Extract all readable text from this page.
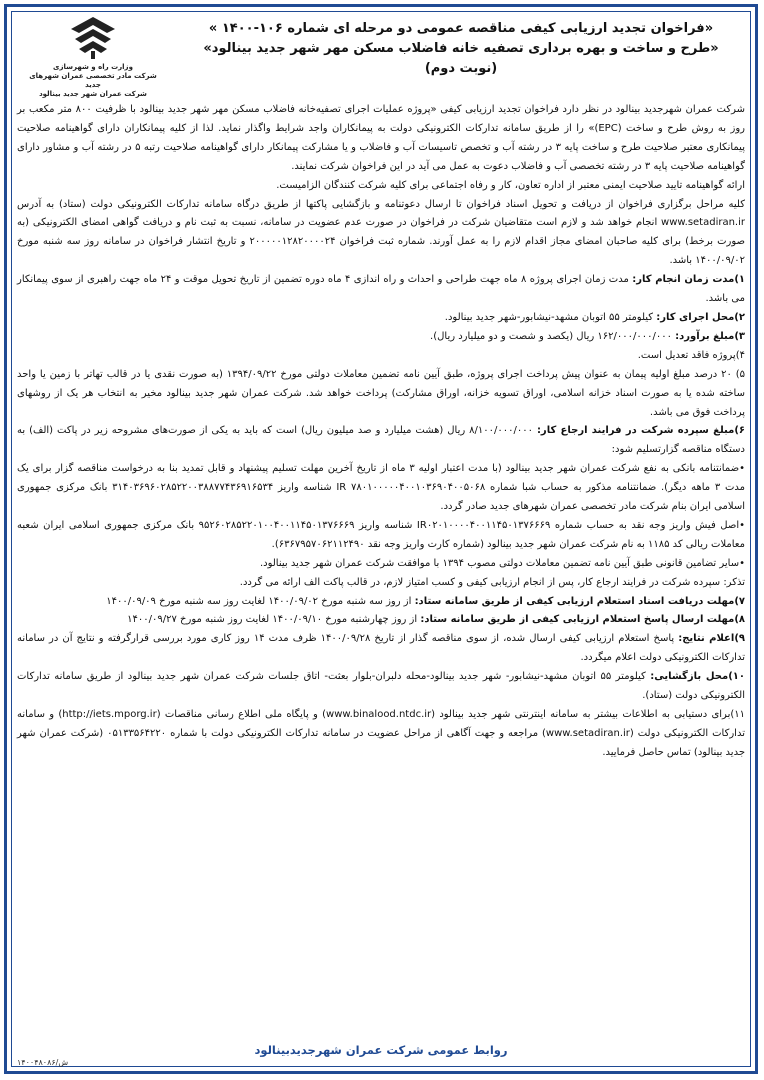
وزارت راه و شهرسازی
شرکت مادر تخصصی عمران شهرهای جدید
شرکت عمران شهر جدید بینالود
«فراخوان تجدید ارزیابی کیفی مناقصه عمومی دو مرحله ای شماره ۱۰۶-۱۴۰۰ »
«طرح و ساخت و بهره برداری تصفیه خانه فاضلاب مسکن مهر شهر جدید بینالود»
(نوبت دوم)

شرکت عمران شهرجدید بینالود در نظر دارد فراخوان تجدید ارزیابی کیفی «پروژه عملیات اجرای تصفیه‌خانه فاضلاب مسکن مهر شهر جدید بینالود با ظرفیت ۸۰۰ متر مکعب بر روز به روش طرح و ساخت (EPC)» را از طریق سامانه تدارکات الکترونیکی دولت به پیمانکاران واجد شرایط واگذار نماید. لذا از کلیه پیمانکاران دارای گواهینامه صلاحیت پیمانکاری معتبر صلاحیت طرح و ساخت پایه ۳ در رشته آب و تخصص تاسیسات آب و فاضلاب و یا مشارکت پیمانکار دارای گواهینامه صلاحیت رتبه ۵ در رشته آب و مشاور دارای گواهینامه صلاحیت پایه ۳ در رشته تخصصی آب و فاضلاب دعوت به عمل می آید در این فراخوان شرکت نمایند.

ارائه گواهینامه تایید صلاحیت ایمنی معتبر از اداره تعاون، کار و رفاه اجتماعی برای کلیه شرکت کنندگان الزامیست.

کلیه مراحل برگزاری فراخوان از دریافت و تحویل اسناد فراخوان تا ارسال دعوتنامه و بازگشایی پاکتها از طریق درگاه سامانه تدارکات الکترونیکی دولت (ستاد) به آدرس www.setadiran.ir انجام خواهد شد و لازم است متقاضیان شرکت در فراخوان در صورت عدم عضویت در سامانه، نسبت به ثبت نام و دریافت گواهی امضای الکترونیکی (به صورت برخط) برای کلیه صاحبان امضای مجاز اقدام لازم را به عمل آورند. شماره ثبت فراخوان ۲۰۰۰۰۰۱۲۸۲۰۰۰۰۲۴ و تاریخ انتشار فراخوان در سامانه روز سه شنبه مورخ ۱۴۰۰/۰۹/۰۲ باشد.

۱)مدت زمان انجام کار: مدت زمان اجرای پروژه ۸ ماه جهت طراحی و احداث و راه اندازی ۴ ماه دوره تضمین از تاریخ تحویل موقت و ۲۴ ماه جهت راهبری از سوی پیمانکار می باشد.

۲)محل اجرای کار: کیلومتر ۵۵ اتوبان مشهد-نیشابور-شهر جدید بینالود.

۳)مبلغ برآورد: ۱۶۲/۰۰۰/۰۰۰/۰۰۰ ریال (یکصد و شصت و دو میلیارد ریال).

۴)پروژه فاقد تعدیل است.

۵) ۲۰ درصد مبلغ اولیه پیمان به عنوان پیش پرداخت اجرای پروژه، طبق آیین نامه تضمین معاملات دولتی مورخ ۱۳۹۴/۰۹/۲۲ (به صورت نقدی یا در قالب تهاتر با زمین یا واحد ساخته شده یا به صورت اسناد خزانه اسلامی، اوراق تسویه خزانه، اوراق مشارکت) پرداخت خواهد شد. شرکت عمران شهر جدید بینالود مخیر به انتخاب هر یک از روشهای پرداخت فوق می باشد.

۶)مبلغ سپرده شرکت در فرایند ارجاع کار: ۸/۱۰۰/۰۰۰/۰۰۰ ریال (هشت میلیارد و صد میلیون ریال) است که باید به یکی از صورت‌های مشروحه زیر در پاکت (الف) به دستگاه مناقصه گزارتسلیم شود:

•ضمانتنامه بانکی به نفع شرکت عمران شهر جدید بینالود (با مدت اعتبار اولیه ۳ ماه از تاریخ آخرین مهلت تسلیم پیشنهاد و قابل تمدید بنا به درخواست مناقصه گزار برای یک مدت ۳ ماهه دیگر). ضمانتنامه مذکور به حساب شبا شماره IR ۷۸۰۱۰۰۰۰۰۴۰۰۱۰۳۶۹۰۴۰۰۵۰۶۸ شناسه واریز ۳۱۴۰۳۶۹۶۰۲۸۵۲۲۰۰۳۸۸۷۷۴۳۶۹۱۶۵۳۴ بانک مرکزی جمهوری اسلامی ایران بنام شرکت مادر تخصصی عمران شهرهای جدید صادر گردد.

•اصل فیش واریز وجه نقد به حساب شماره IR۰۲۰۱۰۰۰۰۴۰۰۱۱۴۵۰۱۳۷۶۶۶۹ شناسه واریز ۹۵۲۶۰۲۸۵۲۲۰۱۰۰۴۰۰۱۱۴۵۰۱۳۷۶۶۶۹ بانک مرکزی جمهوری اسلامی ایران شعبه معاملات ریالی کد ۱۱۸۵ به نام شرکت عمران شهر جدید بینالود (شماره کارت واریز وجه نقد ۶۳۶۷۹۵۷۰۶۲۱۱۲۴۹۰).

•سایر تضامین قانونی طبق آیین نامه تضمین معاملات دولتی مصوب ۱۳۹۴ با موافقت شرکت عمران شهر جدید بینالود.

تذکر: سپرده شرکت در فرایند ارجاع کار، پس از انجام ارزیابی کیفی و کسب امتیاز لازم، در قالب پاکت الف ارائه می گردد.

۷)مهلت دریافت اسناد استعلام ارزیابی کیفی از طریق سامانه ستاد: از روز سه شنبه مورخ ۱۴۰۰/۰۹/۰۲ لغایت روز سه شنبه مورخ ۱۴۰۰/۰۹/۰۹

۸)مهلت ارسال پاسخ استعلام ارزیابی کیفی از طریق سامانه ستاد: از روز چهارشنبه مورخ ۱۴۰۰/۰۹/۱۰ لغایت روز شنبه مورخ ۱۴۰۰/۰۹/۲۷

۹)اعلام نتایج: پاسخ استعلام ارزیابی کیفی ارسال شده، از سوی مناقصه گذار از تاریخ ۱۴۰۰/۰۹/۲۸ ظرف مدت ۱۴ روز کاری مورد بررسی قرارگرفته و نتایج آن در سامانه تدارکات الکترونیکی دولت اعلام میگردد.

۱۰)محل بازگشایی: کیلومتر ۵۵ اتوبان مشهد-نیشابور- شهر جدید بینالود-محله دلبران-بلوار بعثت- اتاق جلسات شرکت عمران شهر جدید بینالود از طریق سامانه تدارکات الکترونیکی دولت (ستاد).

۱۱)برای دستیابی به اطلاعات بیشتر به سامانه اینترنتی شهر جدید بینالود (www.binalood.ntdc.ir) و پایگاه ملی اطلاع رسانی مناقصات (http://iets.mporg.ir) و سامانه تدارکات الکترونیکی دولت (www.setadiran.ir) مراجعه و جهت آگاهی از مراحل عضویت در سامانه تدارکات الکترونیکی دولت با شماره ۰۵۱۳۳۵۶۴۲۲۰ (شرکت عمران شهر جدید بینالود) تماس حاصل فرمایید.

روابط عمومی شرکت عمران شهرجدیدبینالود
۱۴۰۰۴۸۰۸۶/ش
